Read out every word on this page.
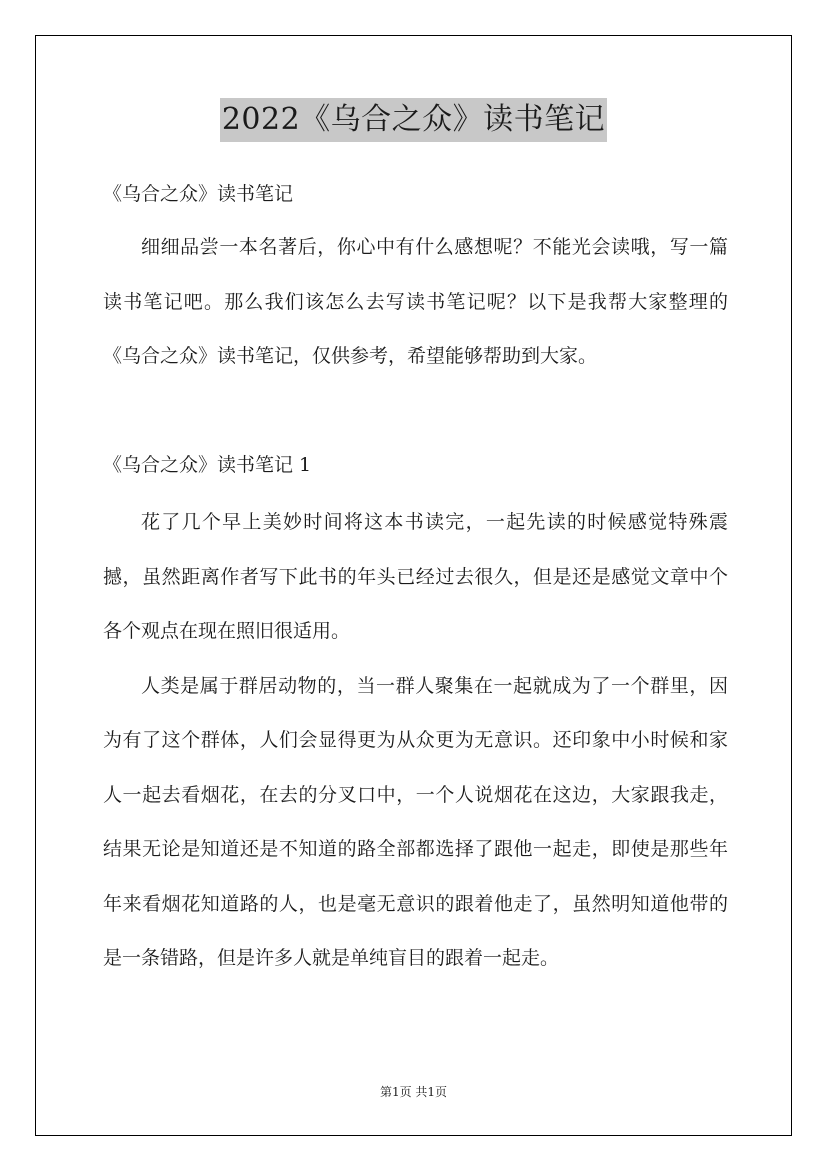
2022《乌合之众》读书笔记
《乌合之众》读书笔记

细细品尝一本名著后，你心中有什么感想呢？不能光会读哦，写一篇读书笔记吧。那么我们该怎么去写读书笔记呢？以下是我帮大家整理的《乌合之众》读书笔记，仅供参考，希望能够帮助到大家。

《乌合之众》读书笔记 1

花了几个早上美妙时间将这本书读完，一起先读的时候感觉特殊震撼，虽然距离作者写下此书的年头已经过去很久，但是还是感觉文章中个各个观点在现在照旧很适用。

人类是属于群居动物的，当一群人聚集在一起就成为了一个群里，因为有了这个群体，人们会显得更为从众更为无意识。还印象中小时候和家人一起去看烟花，在去的分叉口中，一个人说烟花在这边，大家跟我走，结果无论是知道还是不知道的路全部都选择了跟他一起走，即使是那些年年来看烟花知道路的人，也是毫无意识的跟着他走了，虽然明知道他带的是一条错路，但是许多人就是单纯盲目的跟着一起走。

第1页 共1页
